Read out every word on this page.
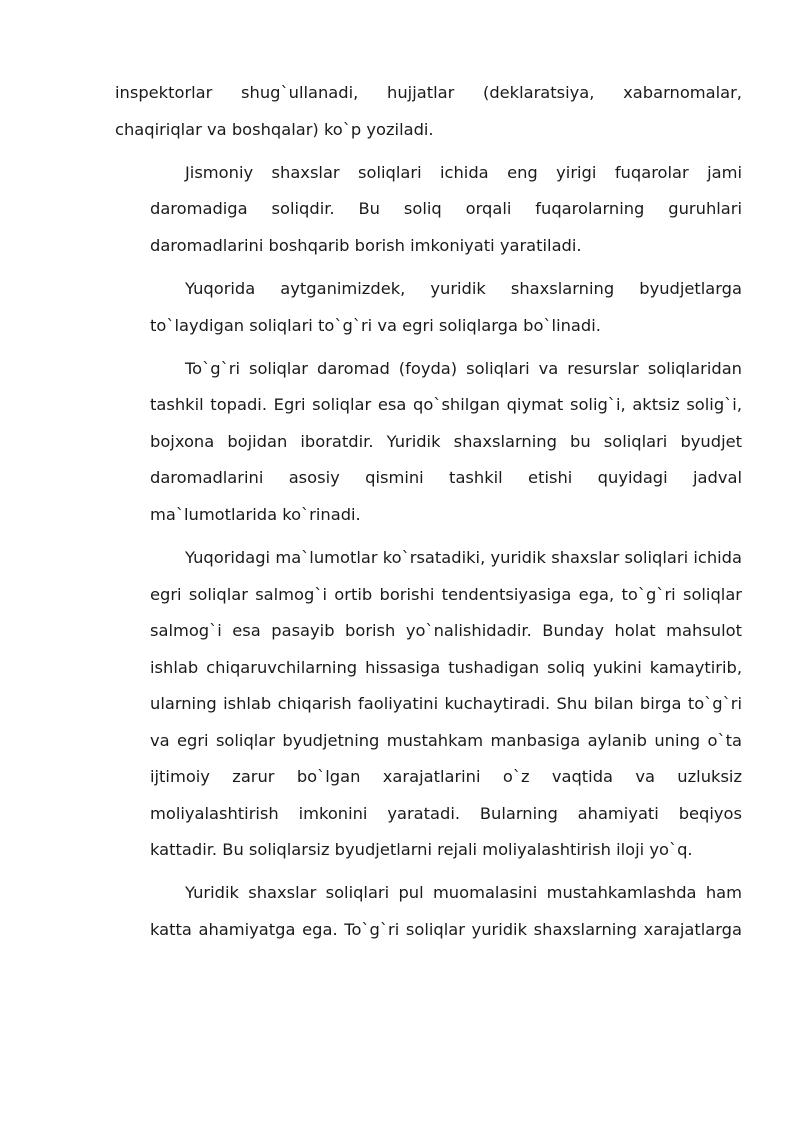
inspektorlar shug`ullanadi, hujjatlar (deklaratsiya, xabarnomalar,
chaqiriqlar va boshqalar) ko`p yoziladi.

Jismoniy shaxslar soliqlari ichida eng yirigi fuqarolar jami
daromadiga soliqdir. Bu soliq orqali fuqarolarning guruhlari
daromadlarini boshqarib borish imkoniyati yaratiladi.

Yuqorida aytganimizdek, yuridik shaxslarning byudjetlarga
to`laydigan soliqlari to`g`ri va egri soliqlarga bo`linadi.

To`g`ri soliqlar daromad (foyda) soliqlari va resurslar soliqlaridan
tashkil topadi. Egri soliqlar esa qo`shilgan qiymat solig`i, aktsiz solig`i,
bojxona bojidan iboratdir. Yuridik shaxslarning bu soliqlari byudjet
daromadlarini asosiy qismini tashkil etishi quyidagi jadval
ma`lumotlarida ko`rinadi.

Yuqoridagi ma`lumotlar ko`rsatadiki, yuridik shaxslar soliqlari ichida
egri soliqlar salmog`i ortib borishi tendentsiyasiga ega, to`g`ri soliqlar
salmog`i esa pasayib borish yo`nalishidadir. Bunday holat mahsulot
ishlab chiqaruvchilarning hissasiga tushadigan soliq yukini kamaytirib,
ularning ishlab chiqarish faoliyatini kuchaytiradi. Shu bilan birga to`g`ri
va egri soliqlar byudjetning mustahkam manbasiga aylanib uning o`ta
ijtimoiy zarur bo`lgan xarajatlarini o`z vaqtida va uzluksiz
moliyalashtirish imkonini yaratadi. Bularning ahamiyati beqiyos
kattadir. Bu soliqlarsiz byudjetlarni rejali moliyalashtirish iloji yo`q.

Yuridik shaxslar soliqlari pul muomalasini mustahkamlashda ham
katta ahamiyatga ega. To`g`ri soliqlar yuridik shaxslarning xarajatlarga
